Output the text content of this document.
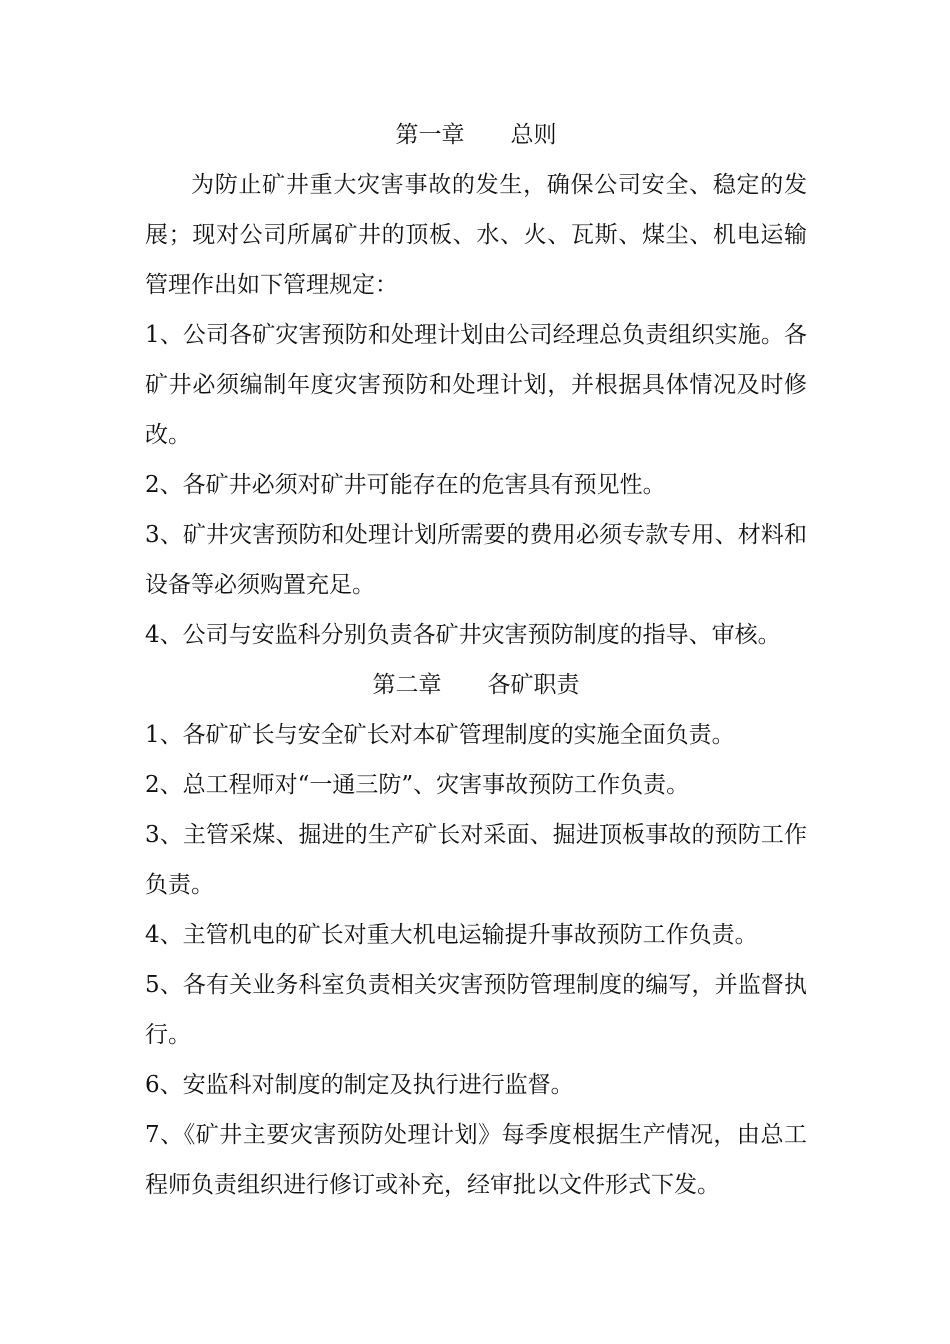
第一章　　总则

为防止矿井重大灾害事故的发生，确保公司安全、稳定的发展；现对公司所属矿井的顶板、水、火、瓦斯、煤尘、机电运输管理作出如下管理规定：

1、公司各矿灾害预防和处理计划由公司经理总负责组织实施。各矿井必须编制年度灾害预防和处理计划，并根据具体情况及时修改。

2、各矿井必须对矿井可能存在的危害具有预见性。

3、矿井灾害预防和处理计划所需要的费用必须专款专用、材料和设备等必须购置充足。

4、公司与安监科分别负责各矿井灾害预防制度的指导、审核。

第二章　　各矿职责

1、各矿矿长与安全矿长对本矿管理制度的实施全面负责。

2、总工程师对“一通三防”、灾害事故预防工作负责。

3、主管采煤、掘进的生产矿长对采面、掘进顶板事故的预防工作负责。

4、主管机电的矿长对重大机电运输提升事故预防工作负责。

5、各有关业务科室负责相关灾害预防管理制度的编写，并监督执行。

6、安监科对制度的制定及执行进行监督。

7、《矿井主要灾害预防处理计划》每季度根据生产情况，由总工程师负责组织进行修订或补充，经审批以文件形式下发。
